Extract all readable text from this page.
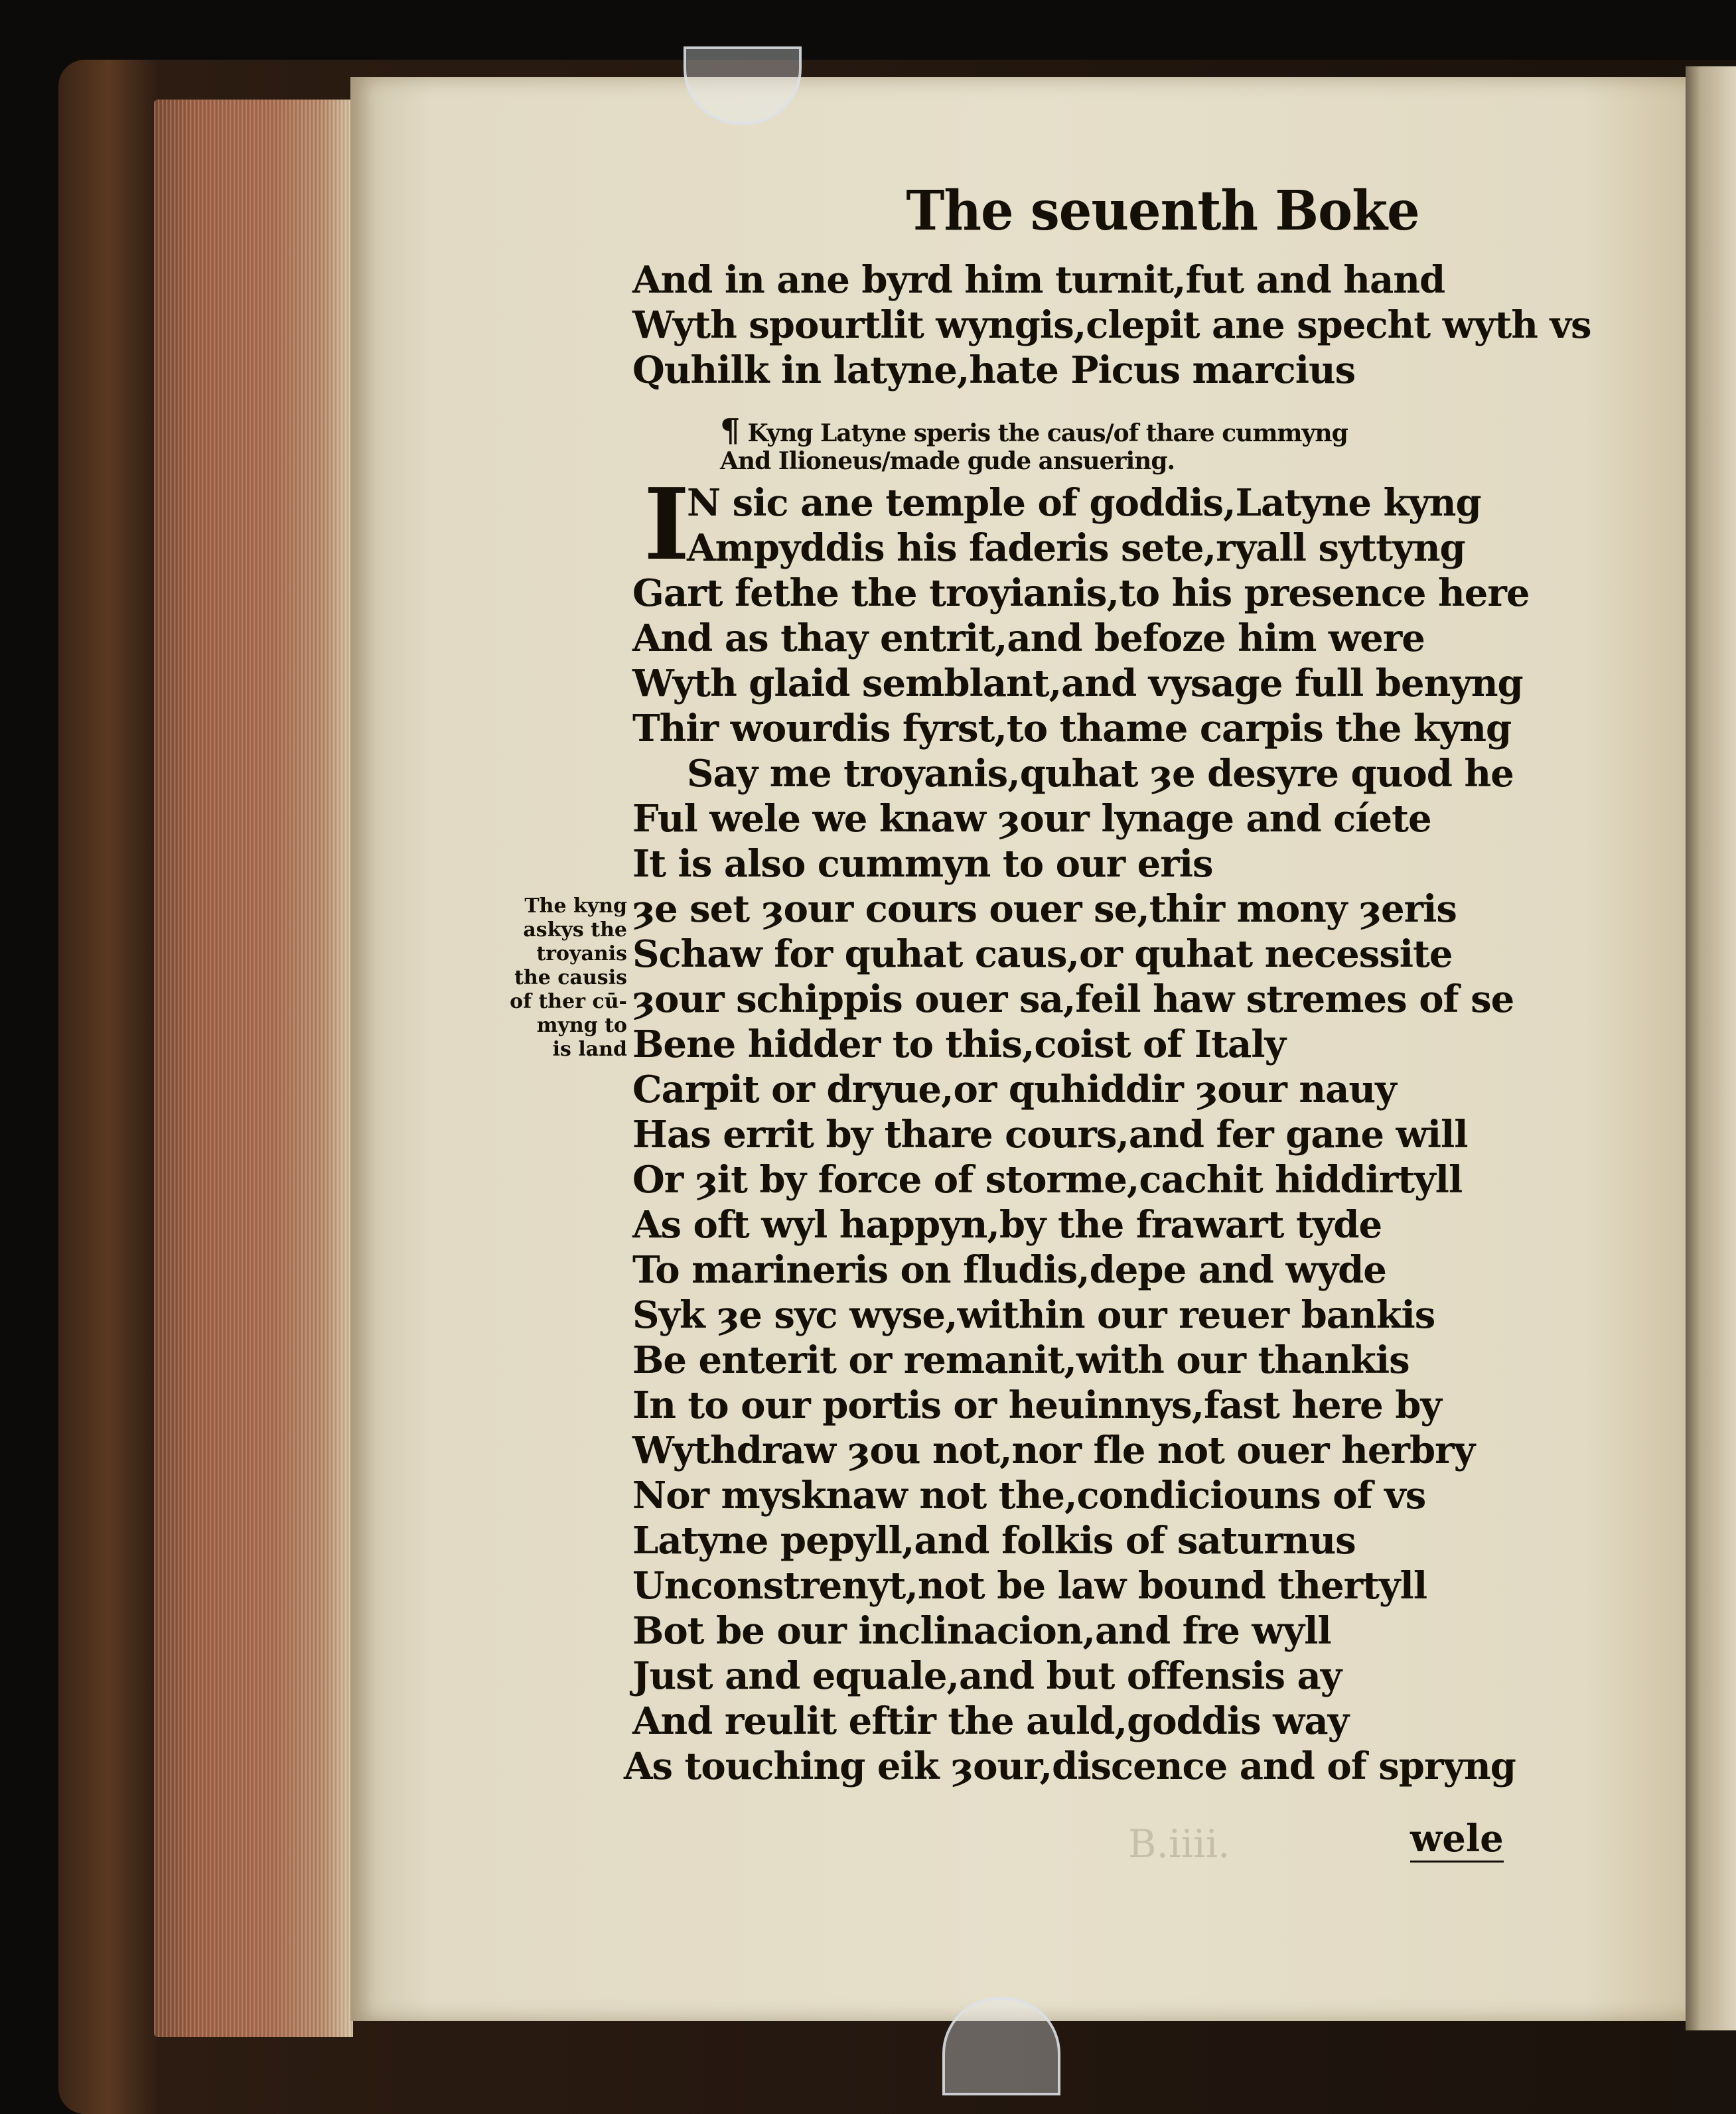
The seuenth Boke
And in ane byrd him turnit,fut and hand
Wyth spourtlit wyngis,clepit ane specht wyth vs
Quhilk in latyne,hate Picus marcius
¶ Kyng Latyne speris the caus/of thare cummyng
And Ilioneus/made gude ansuering.
I
N sic ane temple of goddis,Latyne kyng
Ampyddis his faderis sete,ryall syttyng
Gart fethe the troyianis,to his presence here
And as thay entrit,and befoze him were
Wyth glaid semblant,and vysage full benyng
Thir wourdis fyrst,to thame carpis the kyng
Say me troyanis,quhat ȝe desyre quod he
Ful wele we knaw ȝour lynage and cíete
It is also cummyn to our eris
ȝe set ȝour cours ouer se,thir mony ȝeris
Schaw for quhat caus,or quhat necessite
ȝour schippis ouer sa,feil haw stremes of se
Bene hidder to this,coist of Italy
Carpit or dryue,or quhiddir ȝour nauy
Has errit by thare cours,and fer gane will
Or ȝit by force of storme,cachit hiddirtyll
As oft wyl happyn,by the frawart tyde
To marineris on fludis,depe and wyde
Syk ȝe syc wyse,within our reuer bankis
Be enterit or remanit,with our thankis
In to our portis or heuinnys,fast here by
Wythdraw ȝou not,nor fle not ouer herbry
Nor mysknaw not the,condiciouns of vs
Latyne pepyll,and folkis of saturnus
Unconstrenyt,not be law bound thertyll
Bot be our inclinacion,and fre wyll
Just and equale,and but offensis ay
And reulit eftir the auld,goddis way
As touching eik ȝour,discence and of spryng
The kyng
askys the
troyanis
the causis
of ther cū-
myng to
is land
B.iiii.	wele
